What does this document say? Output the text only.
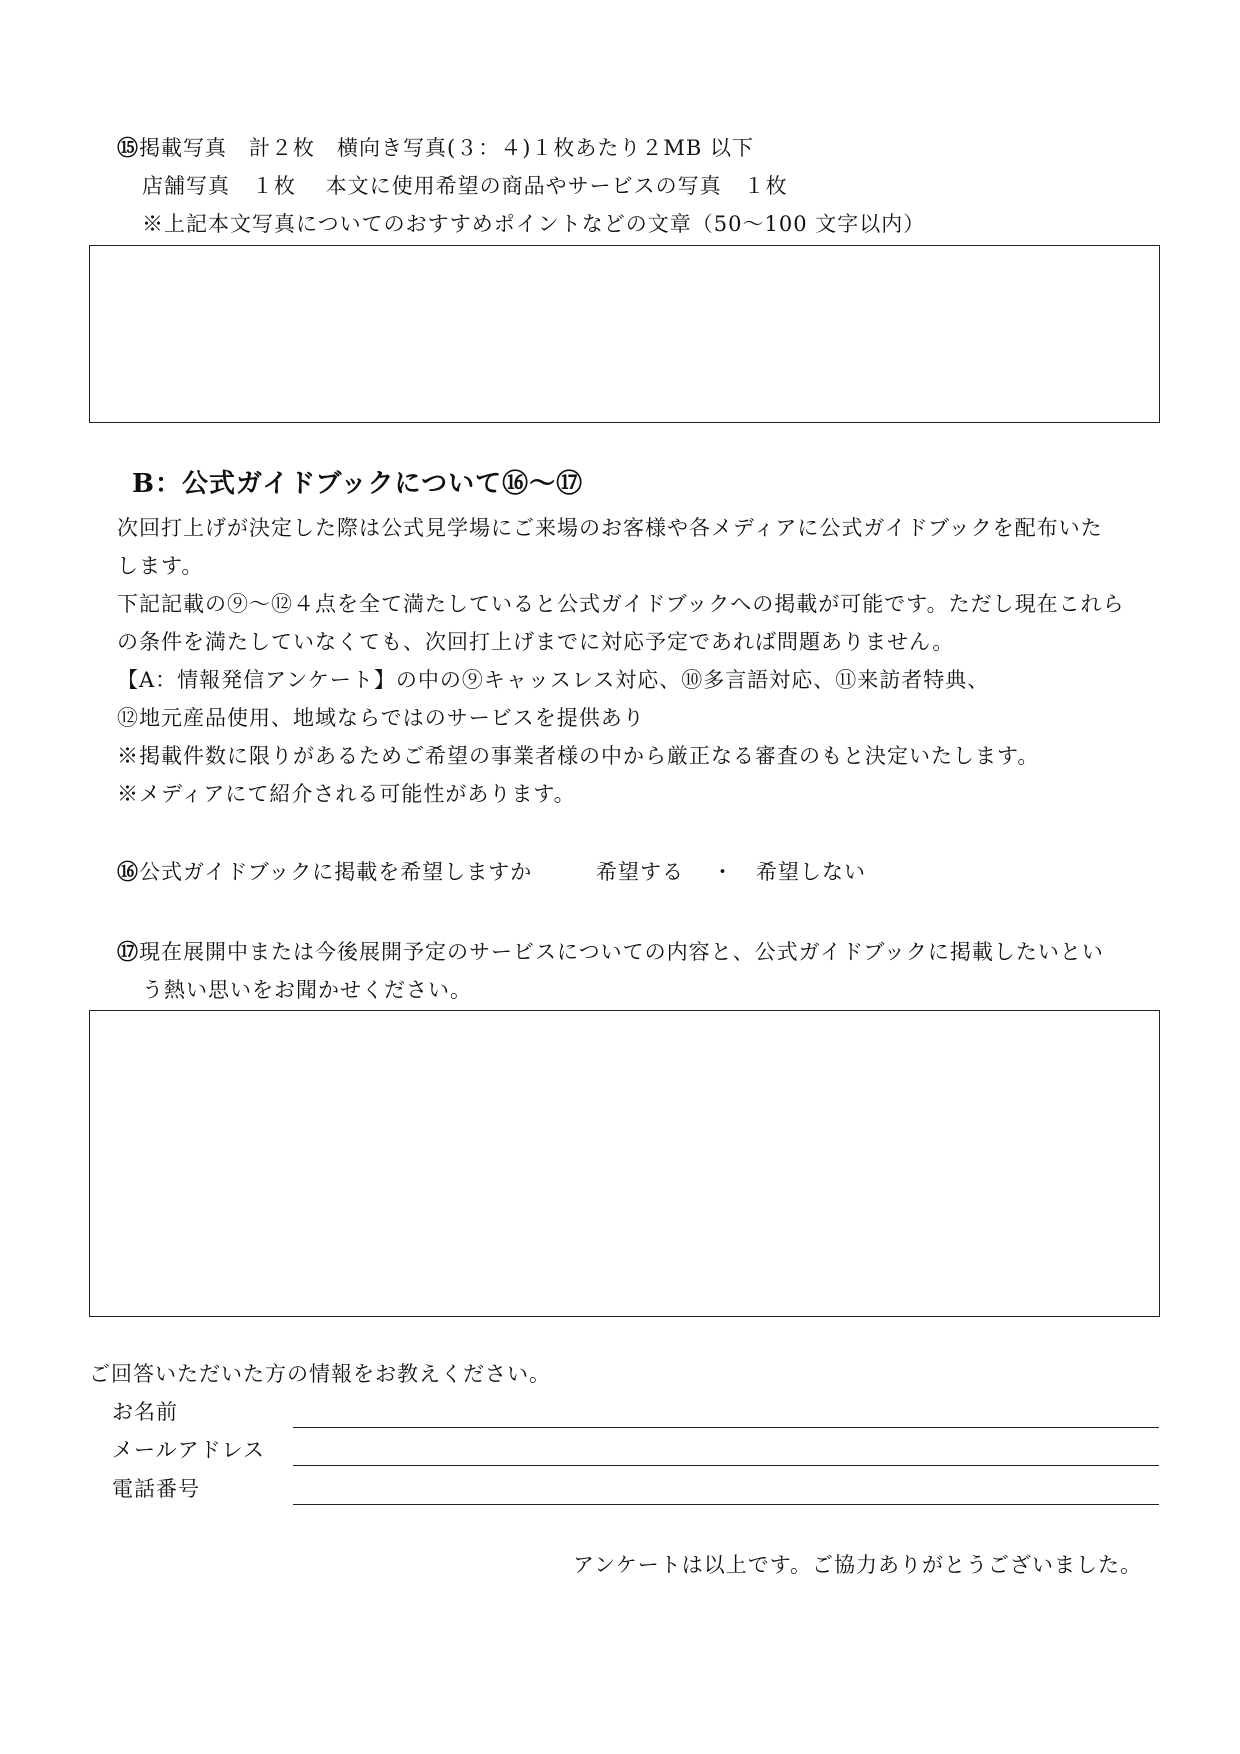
⑮掲載写真　計２枚　横向き写真(３：４)１枚あたり２MB 以下
店舗写真　１枚　 本文に使用希望の商品やサービスの写真　１枚
※上記本文写真についてのおすすめポイントなどの文章（50～100 文字以内）
B：公式ガイドブックについて⑯～⑰
次回打上げが決定した際は公式見学場にご来場のお客様や各メディアに公式ガイドブックを配布いた
します。
下記記載の⑨～⑫４点を全て満たしていると公式ガイドブックへの掲載が可能です。ただし現在これら
の条件を満たしていなくても、次回打上げまでに対応予定であれば問題ありません。
【A：情報発信アンケート】の中の⑨キャッスレス対応、⑩多言語対応、⑪来訪者特典、
⑫地元産品使用、地域ならではのサービスを提供あり
※掲載件数に限りがあるためご希望の事業者様の中から厳正なる審査のもと決定いたします。
※メディアにて紹介される可能性があります。
⑯公式ガイドブックに掲載を希望しますか	希望する ・ 希望しない
⑰現在展開中または今後展開予定のサービスについての内容と、公式ガイドブックに掲載したいとい
う熱い思いをお聞かせください。
ご回答いただいた方の情報をお教えください。
お名前
メールアドレス
電話番号
アンケートは以上です。ご協力ありがとうございました。
